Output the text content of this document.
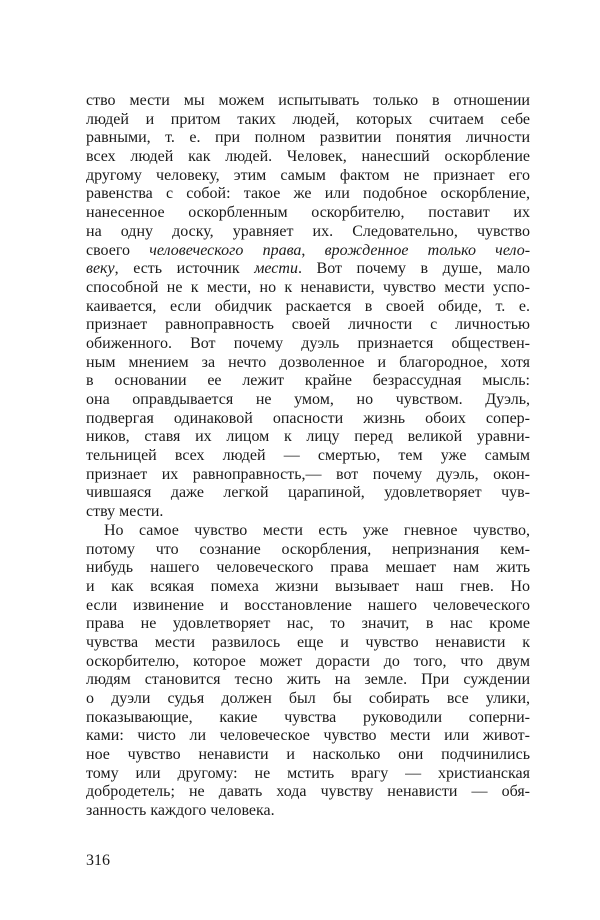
ство мести мы можем испытывать только в отношении
людей и притом таких людей, которых считаем себе
равными, т. е. при полном развитии понятия личности
всех людей как людей. Человек, нанесший оскорбление
другому человеку, этим самым фактом не признает его
равенства с собой: такое же или подобное оскорбление,
нанесенное оскорбленным оскорбителю, поставит их
на одну доску, уравняет их. Следовательно, чувство
своего человеческого права, врожденное только чело-
веку, есть источник мести. Вот почему в душе, мало
способной не к мести, но к ненависти, чувство мести успо-
каивается, если обидчик раскается в своей обиде, т. е.
признает равноправность своей личности с личностью
обиженного. Вот почему дуэль признается обществен-
ным мнением за нечто дозволенное и благородное, хотя
в основании ее лежит крайне безрассудная мысль:
она оправдывается не умом, но чувством. Дуэль,
подвергая одинаковой опасности жизнь обоих сопер-
ников, ставя их лицом к лицу перед великой уравни-
тельницей всех людей — смертью, тем уже самым
признает их равноправность,— вот почему дуэль, окон-
чившаяся даже легкой царапиной, удовлетворяет чув-
ству мести.
Но самое чувство мести есть уже гневное чувство,
потому что сознание оскорбления, непризнания кем-
нибудь нашего человеческого права мешает нам жить
и как всякая помеха жизни вызывает наш гнев. Но
если извинение и восстановление нашего человеческого
права не удовлетворяет нас, то значит, в нас кроме
чувства мести развилось еще и чувство ненависти к
оскорбителю, которое может дорасти до того, что двум
людям становится тесно жить на земле. При суждении
о дуэли судья должен был бы собирать все улики,
показывающие, какие чувства руководили соперни-
ками: чисто ли человеческое чувство мести или живот-
ное чувство ненависти и насколько они подчинились
тому или другому: не мстить врагу — христианская
добродетель; не давать хода чувству ненависти — обя-
занность каждого человека.
316
